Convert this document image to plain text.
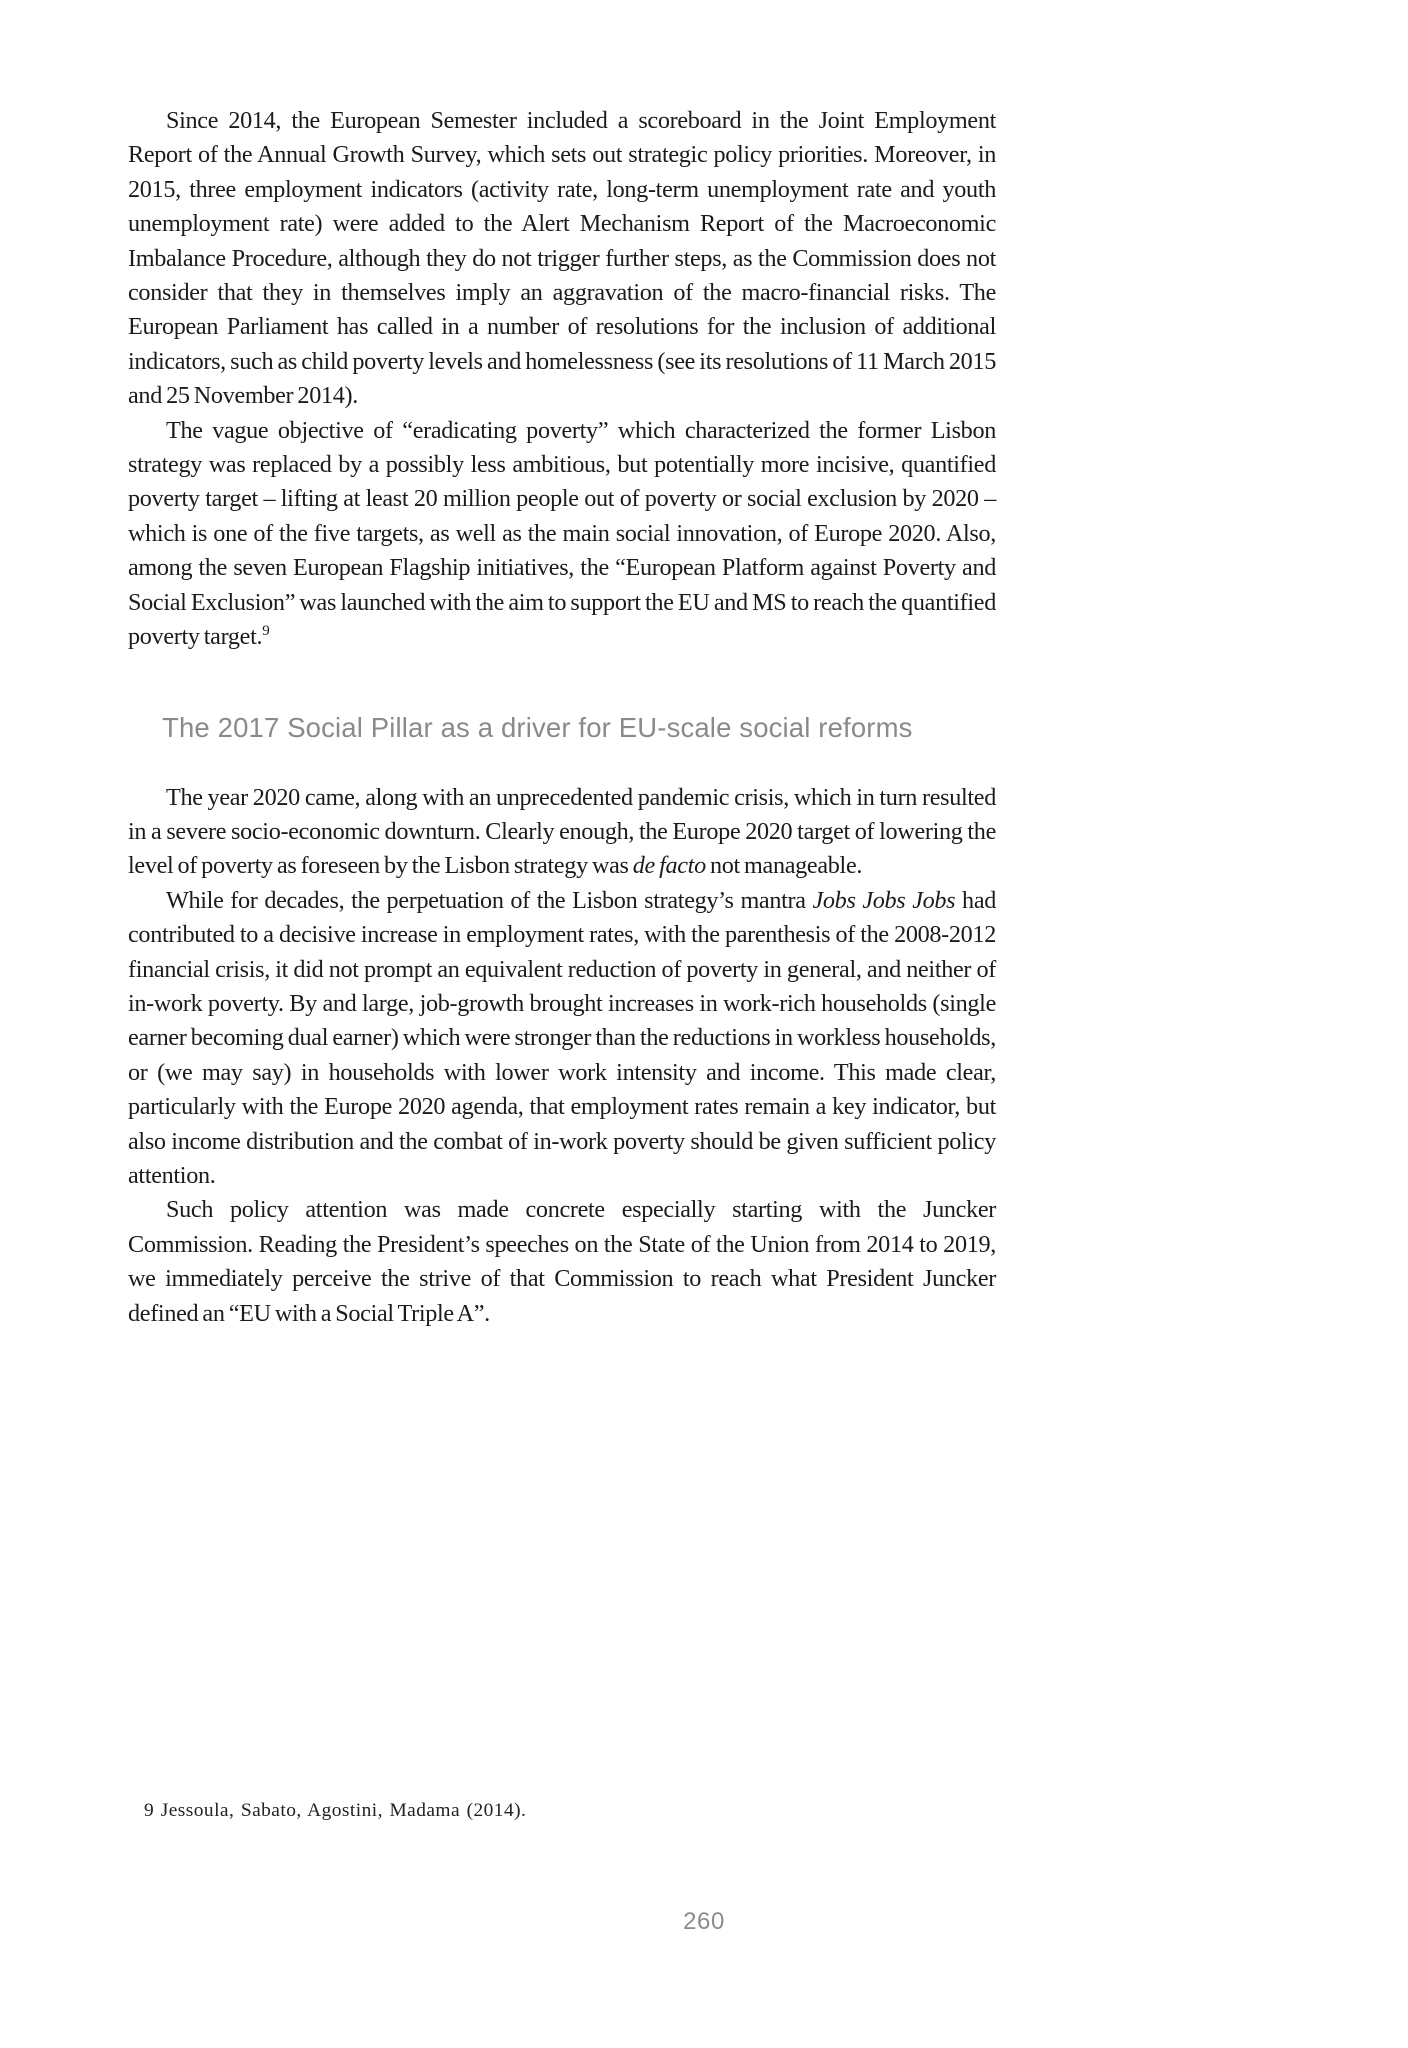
Since 2014, the European Semester included a scoreboard in the Joint Employment Report of the Annual Growth Survey, which sets out strategic policy priorities. Moreover, in 2015, three employment indicators (activity rate, long-term unemployment rate and youth unemployment rate) were added to the Alert Mechanism Report of the Macroeconomic Imbalance Procedure, although they do not trigger further steps, as the Commission does not consider that they in themselves imply an aggravation of the macro-financial risks. The European Parliament has called in a number of resolutions for the inclusion of additional indicators, such as child poverty levels and homelessness (see its resolutions of 11 March 2015 and 25 November 2014).

The vague objective of “eradicating poverty” which characterized the former Lisbon strategy was replaced by a possibly less ambitious, but potentially more incisive, quantified poverty target – lifting at least 20 million people out of poverty or social exclusion by 2020 – which is one of the five targets, as well as the main social innovation, of Europe 2020. Also, among the seven European Flagship initiatives, the “European Platform against Poverty and Social Exclusion” was launched with the aim to support the EU and MS to reach the quantified poverty target.$^9$

The 2017 Social Pillar as a driver for EU-scale social reforms

The year 2020 came, along with an unprecedented pandemic crisis, which in turn resulted in a severe socio-economic downturn. Clearly enough, the Europe 2020 target of lowering the level of poverty as foreseen by the Lisbon strategy was de facto not manageable.

While for decades, the perpetuation of the Lisbon strategy’s mantra Jobs Jobs Jobs had contributed to a decisive increase in employment rates, with the parenthesis of the 2008-2012 financial crisis, it did not prompt an equivalent reduction of poverty in general, and neither of in-work poverty. By and large, job-growth brought increases in work-rich households (single earner becoming dual earner) which were stronger than the reductions in workless households, or (we may say) in households with lower work intensity and income. This made clear, particularly with the Europe 2020 agenda, that employment rates remain a key indicator, but also income distribution and the combat of in-work poverty should be given sufficient policy attention.

Such policy attention was made concrete especially starting with the Juncker Commission. Reading the President’s speeches on the State of the Union from 2014 to 2019, we immediately perceive the strive of that Commission to reach what President Juncker defined an “EU with a Social Triple A”.

9 Jessoula, Sabato, Agostini, Madama (2014).

260
